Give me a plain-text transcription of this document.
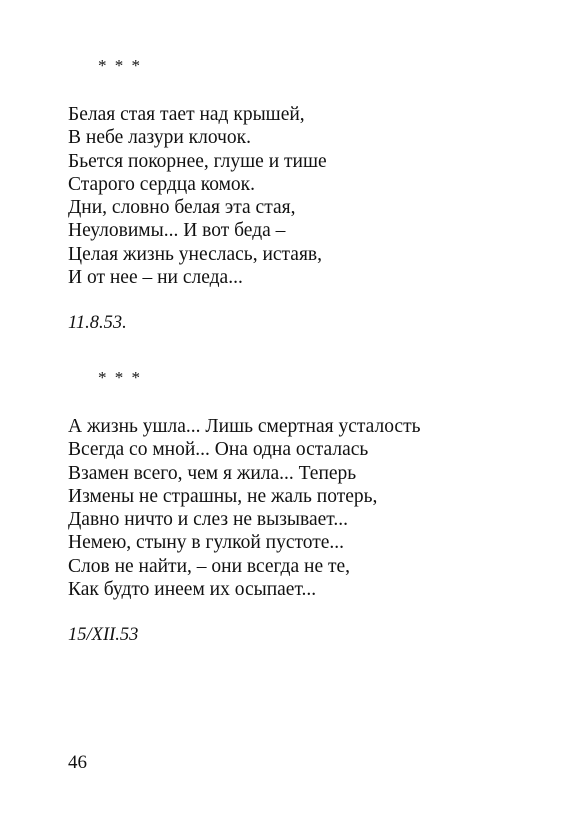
* * *
Белая стая тает над крышей,
В небе лазури клочок.
Бьется покорнее, глуше и тише
Старого сердца комок.
Дни, словно белая эта стая,
Неуловимы... И вот беда –
Целая жизнь унеслась, истаяв,
И от нее – ни следа...
11.8.53.
* * *
А жизнь ушла... Лишь смертная усталость
Всегда со мной... Она одна осталась
Взамен всего, чем я жила... Теперь
Измены не страшны, не жаль потерь,
Давно ничто и слез не вызывает...
Немею, стыну в гулкой пустоте...
Слов не найти, – они всегда не те,
Как будто инеем их осыпает...
15/XII.53
46
